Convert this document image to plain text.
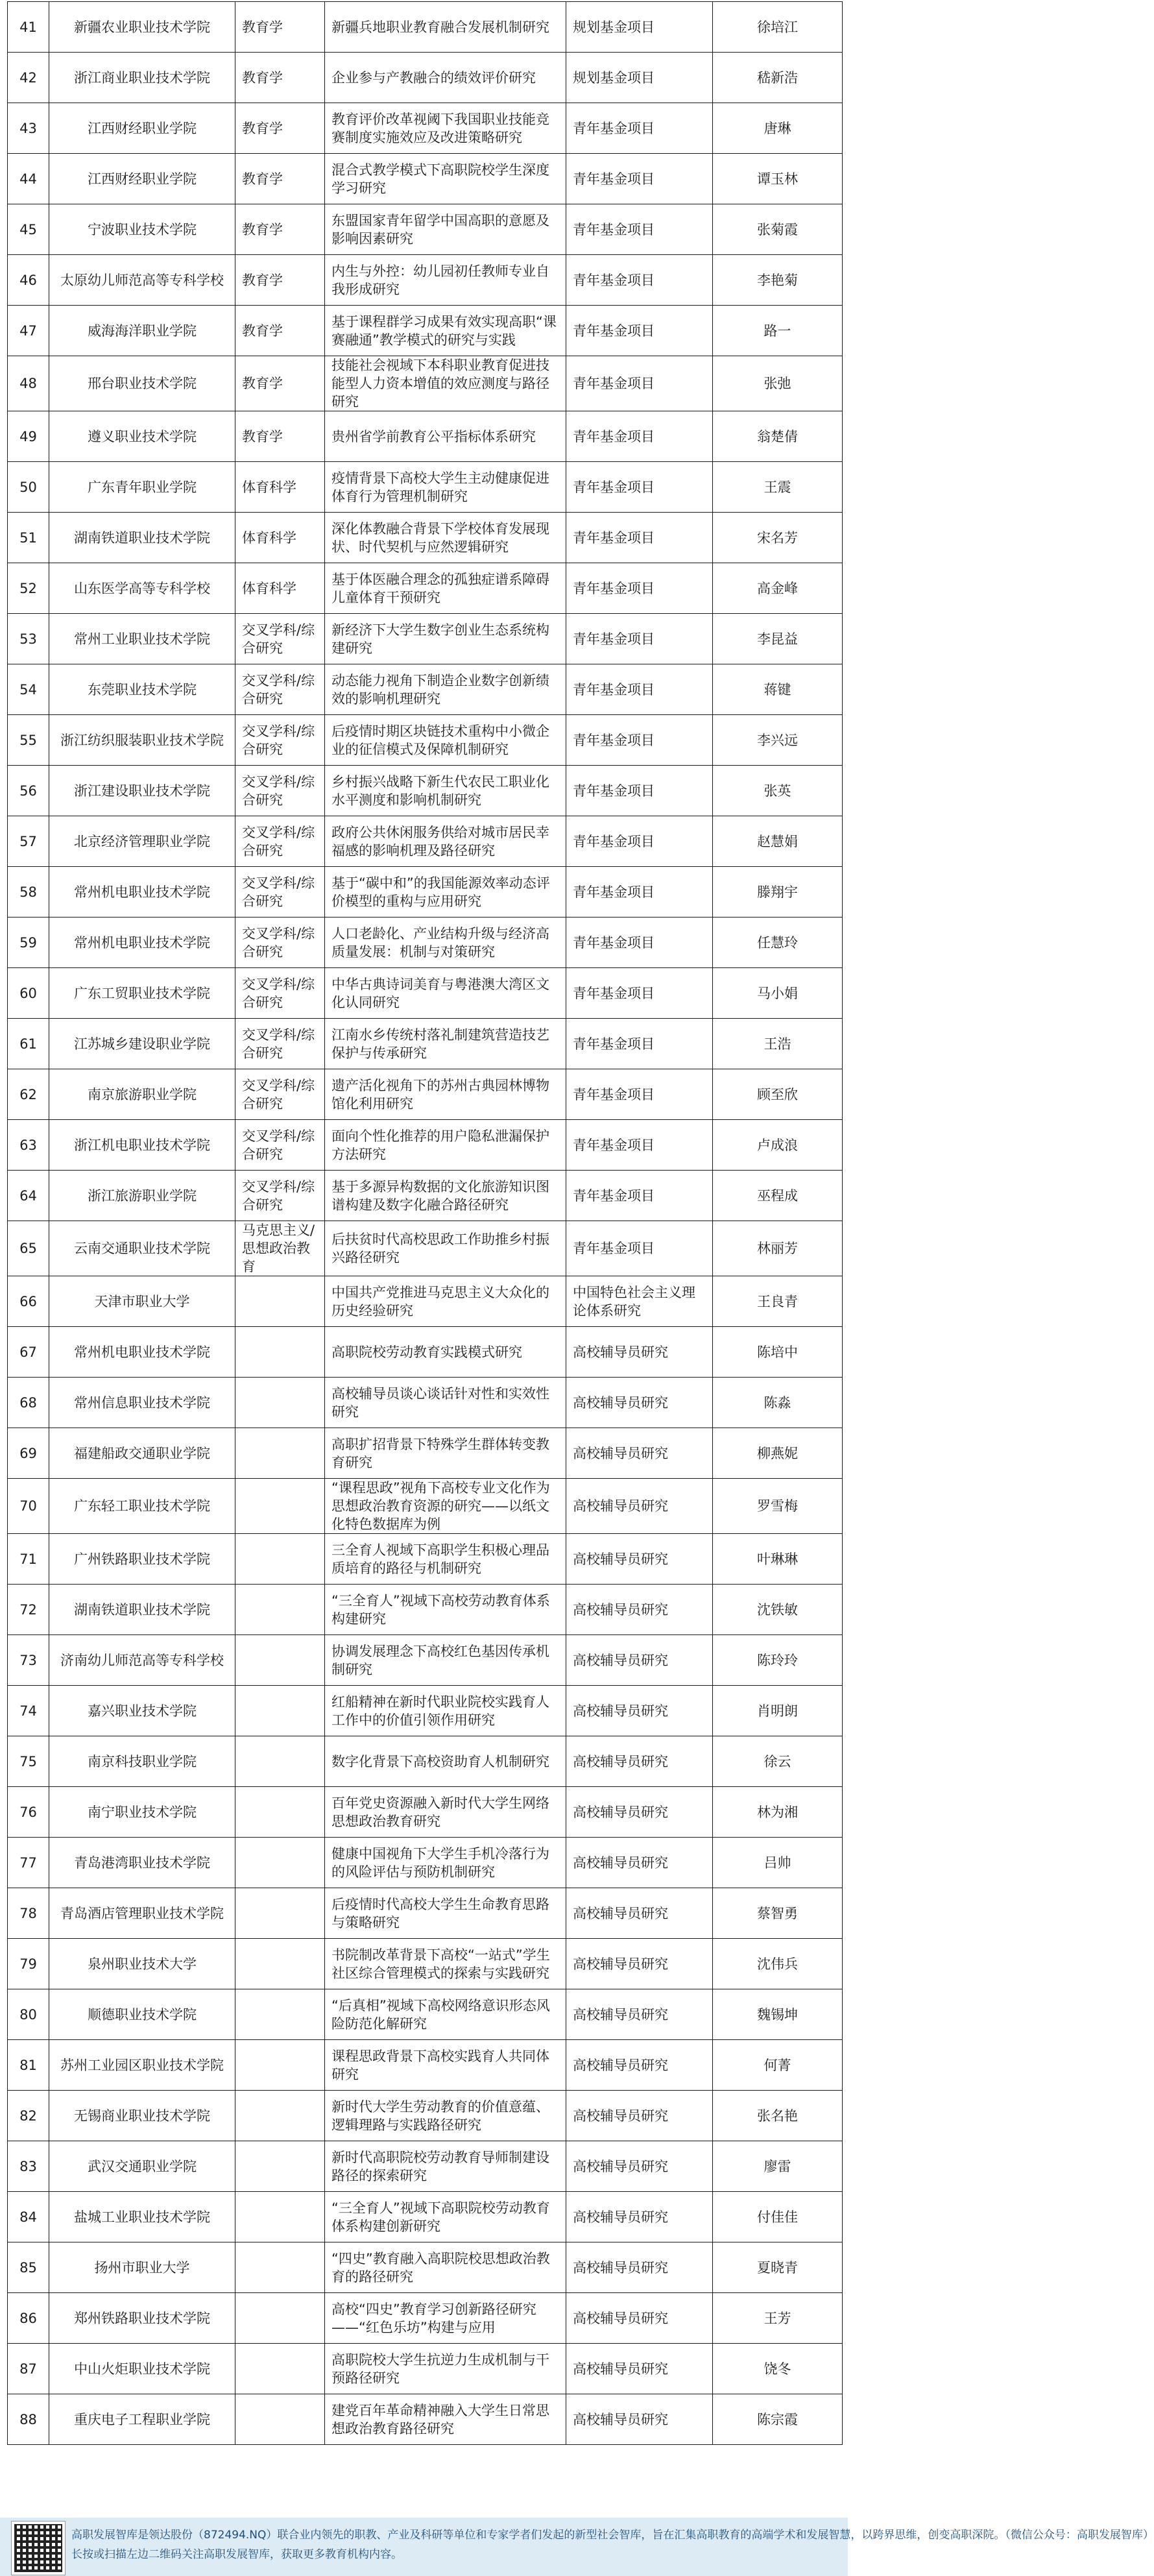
41	新疆农业职业技术学院	教育学	新疆兵地职业教育融合发展机制研究	规划基金项目	徐培江
42	浙江商业职业技术学院	教育学	企业参与产教融合的绩效评价研究	规划基金项目	嵇新浩
43	江西财经职业学院	教育学	教育评价改革视阈下我国职业技能竞赛制度实施效应及改进策略研究	青年基金项目	唐琳
44	江西财经职业学院	教育学	混合式教学模式下高职院校学生深度学习研究	青年基金项目	谭玉林
45	宁波职业技术学院	教育学	东盟国家青年留学中国高职的意愿及影响因素研究	青年基金项目	张菊霞
46	太原幼儿师范高等专科学校	教育学	内生与外控：幼儿园初任教师专业自我形成研究	青年基金项目	李艳菊
47	威海海洋职业学院	教育学	基于课程群学习成果有效实现高职“课赛融通”教学模式的研究与实践	青年基金项目	路一
48	邢台职业技术学院	教育学	技能社会视域下本科职业教育促进技能型人力资本增值的效应测度与路径研究	青年基金项目	张弛
49	遵义职业技术学院	教育学	贵州省学前教育公平指标体系研究	青年基金项目	翁楚倩
50	广东青年职业学院	体育科学	疫情背景下高校大学生主动健康促进体育行为管理机制研究	青年基金项目	王震
51	湖南铁道职业技术学院	体育科学	深化体教融合背景下学校体育发展现状、时代契机与应然逻辑研究	青年基金项目	宋名芳
52	山东医学高等专科学校	体育科学	基于体医融合理念的孤独症谱系障碍儿童体育干预研究	青年基金项目	高金峰
53	常州工业职业技术学院	交叉学科/综合研究	新经济下大学生数字创业生态系统构建研究	青年基金项目	李昆益
54	东莞职业技术学院	交叉学科/综合研究	动态能力视角下制造企业数字创新绩效的影响机理研究	青年基金项目	蒋键
55	浙江纺织服装职业技术学院	交叉学科/综合研究	后疫情时期区块链技术重构中小微企业的征信模式及保障机制研究	青年基金项目	李兴远
56	浙江建设职业技术学院	交叉学科/综合研究	乡村振兴战略下新生代农民工职业化水平测度和影响机制研究	青年基金项目	张英
57	北京经济管理职业学院	交叉学科/综合研究	政府公共休闲服务供给对城市居民幸福感的影响机理及路径研究	青年基金项目	赵慧娟
58	常州机电职业技术学院	交叉学科/综合研究	基于“碳中和”的我国能源效率动态评价模型的重构与应用研究	青年基金项目	滕翔宇
59	常州机电职业技术学院	交叉学科/综合研究	人口老龄化、产业结构升级与经济高质量发展：机制与对策研究	青年基金项目	任慧玲
60	广东工贸职业技术学院	交叉学科/综合研究	中华古典诗词美育与粤港澳大湾区文化认同研究	青年基金项目	马小娟
61	江苏城乡建设职业学院	交叉学科/综合研究	江南水乡传统村落礼制建筑营造技艺保护与传承研究	青年基金项目	王浩
62	南京旅游职业学院	交叉学科/综合研究	遗产活化视角下的苏州古典园林博物馆化利用研究	青年基金项目	顾至欣
63	浙江机电职业技术学院	交叉学科/综合研究	面向个性化推荐的用户隐私泄漏保护方法研究	青年基金项目	卢成浪
64	浙江旅游职业学院	交叉学科/综合研究	基于多源异构数据的文化旅游知识图谱构建及数字化融合路径研究	青年基金项目	巫程成
65	云南交通职业技术学院	马克思主义/思想政治教育	后扶贫时代高校思政工作助推乡村振兴路径研究	青年基金项目	林丽芳
66	天津市职业大学		中国共产党推进马克思主义大众化的历史经验研究	中国特色社会主义理论体系研究	王良青
67	常州机电职业技术学院		高职院校劳动教育实践模式研究	高校辅导员研究	陈培中
68	常州信息职业技术学院		高校辅导员谈心谈话针对性和实效性研究	高校辅导员研究	陈淼
69	福建船政交通职业学院		高职扩招背景下特殊学生群体转变教育研究	高校辅导员研究	柳燕妮
70	广东轻工职业技术学院		“课程思政”视角下高校专业文化作为思想政治教育资源的研究——以纸文化特色数据库为例	高校辅导员研究	罗雪梅
71	广州铁路职业技术学院		三全育人视域下高职学生积极心理品质培育的路径与机制研究	高校辅导员研究	叶琳琳
72	湖南铁道职业技术学院		“三全育人”视域下高校劳动教育体系构建研究	高校辅导员研究	沈铁敏
73	济南幼儿师范高等专科学校		协调发展理念下高校红色基因传承机制研究	高校辅导员研究	陈玲玲
74	嘉兴职业技术学院		红船精神在新时代职业院校实践育人工作中的价值引领作用研究	高校辅导员研究	肖明朗
75	南京科技职业学院		数字化背景下高校资助育人机制研究	高校辅导员研究	徐云
76	南宁职业技术学院		百年党史资源融入新时代大学生网络思想政治教育研究	高校辅导员研究	林为湘
77	青岛港湾职业技术学院		健康中国视角下大学生手机冷落行为的风险评估与预防机制研究	高校辅导员研究	吕帅
78	青岛酒店管理职业技术学院		后疫情时代高校大学生生命教育思路与策略研究	高校辅导员研究	蔡智勇
79	泉州职业技术大学		书院制改革背景下高校“一站式”学生社区综合管理模式的探索与实践研究	高校辅导员研究	沈伟兵
80	顺德职业技术学院		“后真相”视域下高校网络意识形态风险防范化解研究	高校辅导员研究	魏锡坤
81	苏州工业园区职业技术学院		课程思政背景下高校实践育人共同体研究	高校辅导员研究	何菁
82	无锡商业职业技术学院		新时代大学生劳动教育的价值意蕴、逻辑理路与实践路径研究	高校辅导员研究	张名艳
83	武汉交通职业学院		新时代高职院校劳动教育导师制建设路径的探索研究	高校辅导员研究	廖雷
84	盐城工业职业技术学院		“三全育人”视域下高职院校劳动教育体系构建创新研究	高校辅导员研究	付佳佳
85	扬州市职业大学		“四史”教育融入高职院校思想政治教育的路径研究	高校辅导员研究	夏晓青
86	郑州铁路职业技术学院		高校“四史”教育学习创新路径研究——“红色乐坊”构建与应用	高校辅导员研究	王芳
87	中山火炬职业技术学院		高职院校大学生抗逆力生成机制与干预路径研究	高校辅导员研究	饶冬
88	重庆电子工程职业学院		建党百年革命精神融入大学生日常思想政治教育路径研究	高校辅导员研究	陈宗霞
高职发展智库是领达股份（872494.NQ）联合业内领先的职教、产业及科研等单位和专家学者们发起的新型社会智库，旨在汇集高职教育的高端学术和发展智慧，以跨界思维，创变高职深院。（微信公众号：高职发展智库）
长按或扫描左边二维码关注高职发展智库，获取更多教育机构内容。
